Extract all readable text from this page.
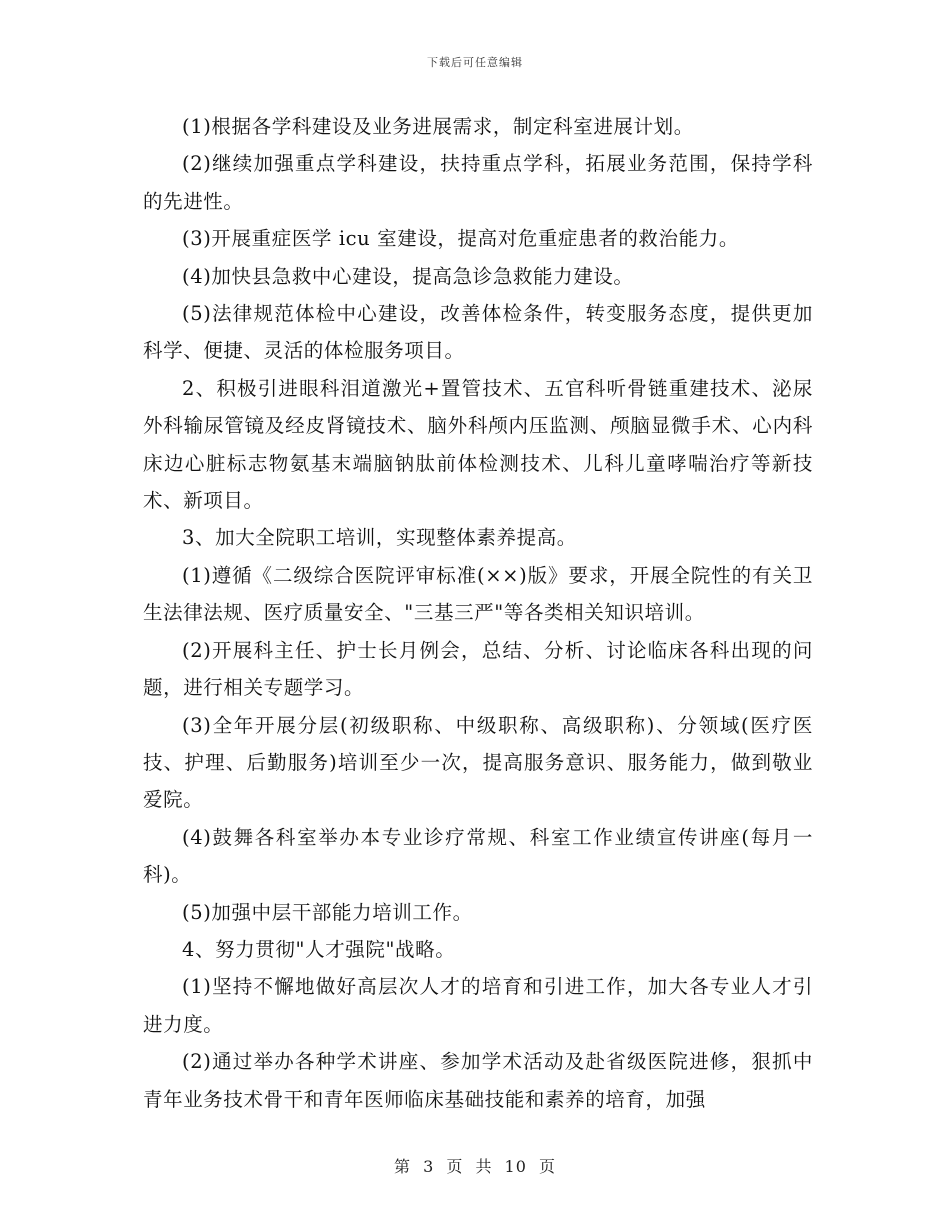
下载后可任意编辑

(1)根据各学科建设及业务进展需求，制定科室进展计划。

(2)继续加强重点学科建设，扶持重点学科，拓展业务范围，保持学科的先进性。

(3)开展重症医学 icu 室建设，提高对危重症患者的救治能力。

(4)加快县急救中心建设，提高急诊急救能力建设。

(5)法律规范体检中心建设，改善体检条件，转变服务态度，提供更加科学、便捷、灵活的体检服务项目。

2、积极引进眼科泪道激光+置管技术、五官科听骨链重建技术、泌尿外科输尿管镜及经皮肾镜技术、脑外科颅内压监测、颅脑显微手术、心内科床边心脏标志物氨基末端脑钠肽前体检测技术、儿科儿童哮喘治疗等新技术、新项目。

3、加大全院职工培训，实现整体素养提高。

(1)遵循《二级综合医院评审标准(××)版》要求，开展全院性的有关卫生法律法规、医疗质量安全、"三基三严"等各类相关知识培训。

(2)开展科主任、护士长月例会，总结、分析、讨论临床各科出现的问题，进行相关专题学习。

(3)全年开展分层(初级职称、中级职称、高级职称)、分领域(医疗医技、护理、后勤服务)培训至少一次，提高服务意识、服务能力，做到敬业爱院。

(4)鼓舞各科室举办本专业诊疗常规、科室工作业绩宣传讲座(每月一科)。

(5)加强中层干部能力培训工作。

4、努力贯彻"人才强院"战略。

(1)坚持不懈地做好高层次人才的培育和引进工作，加大各专业人才引进力度。

(2)通过举办各种学术讲座、参加学术活动及赴省级医院进修，狠抓中青年业务技术骨干和青年医师临床基础技能和素养的培育，加强

第 3 页 共 10 页
